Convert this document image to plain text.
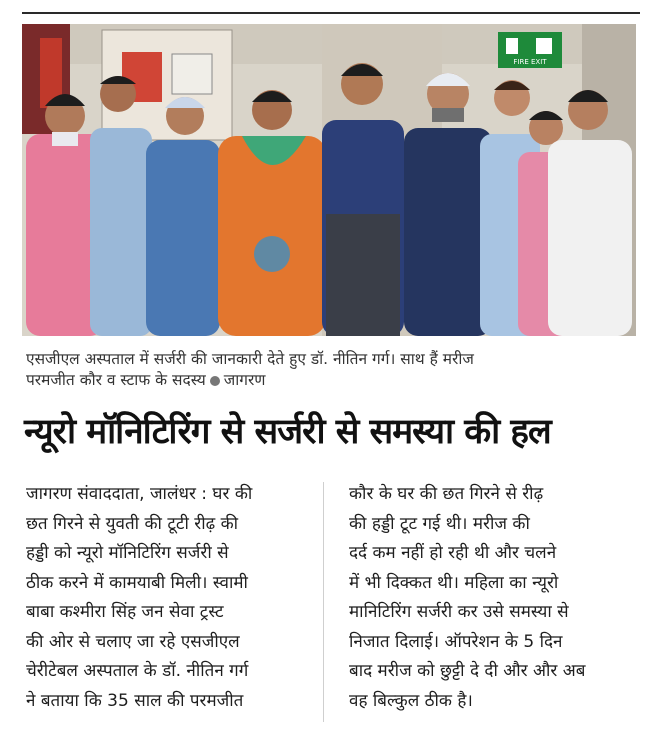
FIRE EXIT
एसजीएल अस्पताल में सर्जरी की जानकारी देते हुए डॉ. नीतिन गर्ग। साथ हैं मरीज
परमजीत कौर व स्टाफ के सदस्य जागरण
न्यूरो मॉनिटिरिंग से सर्जरी से समस्या की हल
जागरण संवाददाता, जालंधर : घर की
छत गिरने से युवती की टूटी रीढ़ की
हड्डी को न्यूरो मॉनिटिरिंग सर्जरी से
ठीक करने में कामयाबी मिली। स्वामी
बाबा कश्मीरा सिंह जन सेवा ट्रस्ट
की ओर से चलाए जा रहे एसजीएल
चेरीटेबल अस्पताल के डॉ. नीतिन गर्ग
ने बताया कि 35 साल की परमजीत
कौर के घर की छत गिरने से रीढ़
की हड्डी टूट गई थी। मरीज की
दर्द कम नहीं हो रही थी और चलने
में भी दिक्कत थी। महिला का न्यूरो
मानिटिरिंग सर्जरी कर उसे समस्या से
निजात दिलाई। ऑपरेशन के 5 दिन
बाद मरीज को छुट्टी दे दी और और अब
वह बिल्कुल ठीक है।
